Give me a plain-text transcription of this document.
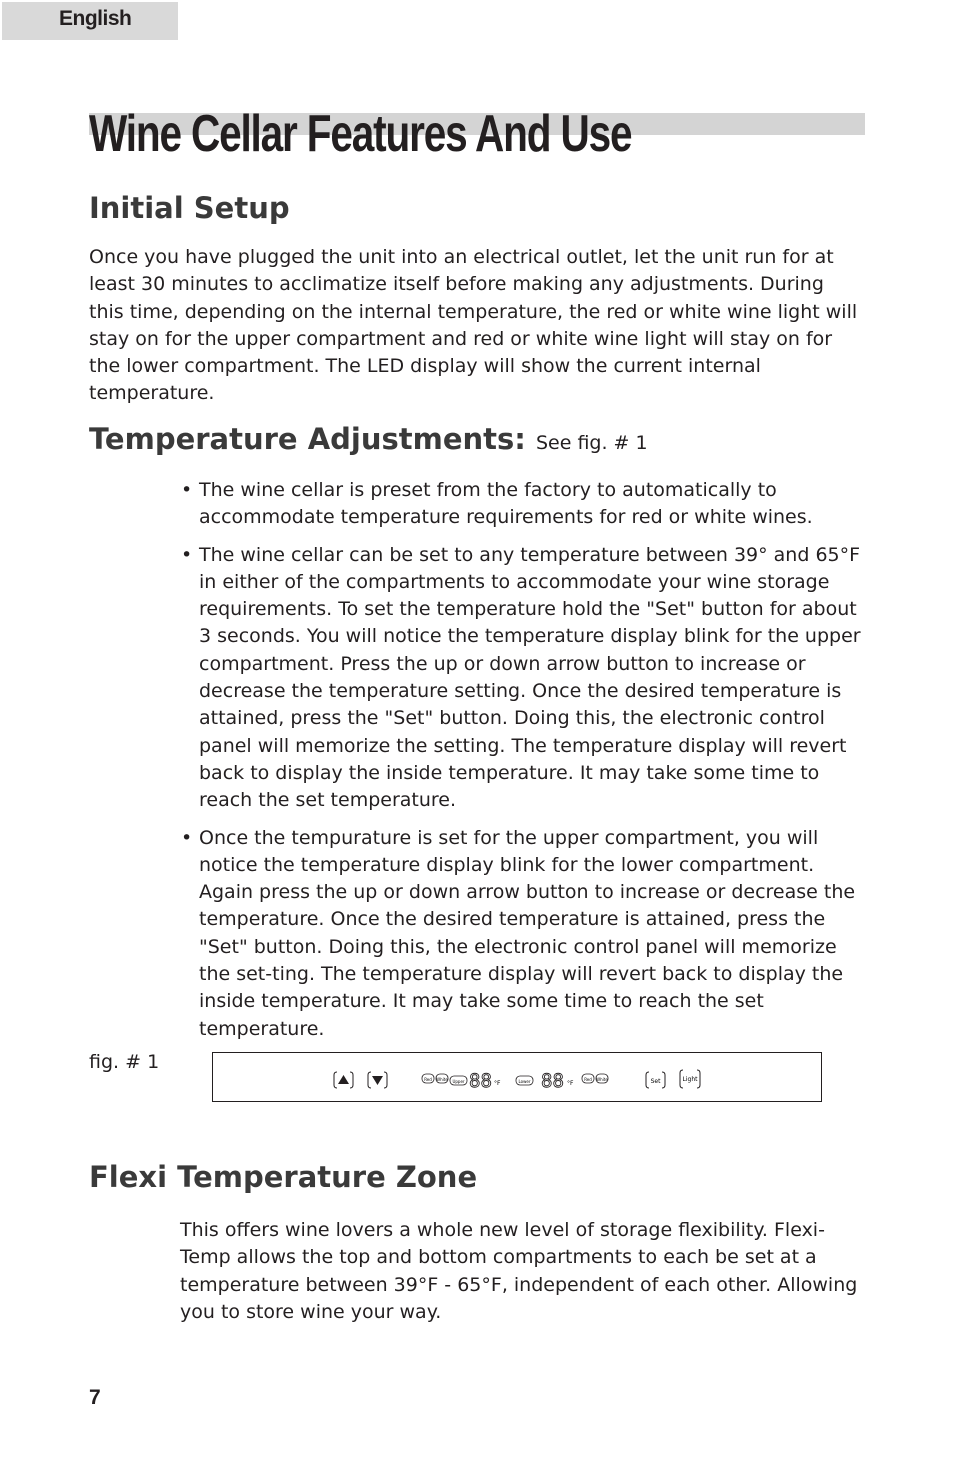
English
Wine Cellar Features And Use
Initial Setup

Once you have plugged the unit into an electrical outlet, let the unit run for at least 30 minutes to acclimatize itself before making any adjustments. During this time, depending on the internal temperature, the red or white wine light will stay on for the upper compartment and red or white wine light will stay on for the lower compartment. The LED display will show the current internal temperature.

Temperature Adjustments: See fig. # 1
• The wine cellar is preset from the factory to automatically to accommodate temperature requirements for red or white wines.
• The wine cellar can be set to any temperature between 39° and 65°F in either of the compartments to accommodate your wine storage requirements. To set the temperature hold the "Set" button for about 3 seconds. You will notice the temperature display blink for the upper compartment. Press the up or down arrow button to increase or decrease the temperature setting. Once the desired temperature is attained, press the "Set" button. Doing this, the electronic control panel will memorize the setting. The temperature display will revert back to display the inside temperature. It may take some time to reach the set temperature.
• Once the tempurature is set for the upper compartment, you will notice the temperature display blink for the lower compartment. Again press the up or down arrow button to increase or decrease the temperature. Once the desired temperature is attained, press the "Set" button. Doing this, the electronic control panel will memorize the set-ting. The temperature display will revert back to display the inside temperature. It may take some time to reach the set temperature.
fig. # 1
Red White Upper 88 °F	Lower 88 °F
Red White	Set	Light
Flexi Temperature Zone

This offers wine lovers a whole new level of storage flexibility. Flexi-Temp allows the top and bottom compartments to each be set at a temperature between 39°F - 65°F, independent of each other. Allowing you to store wine your way.

7
